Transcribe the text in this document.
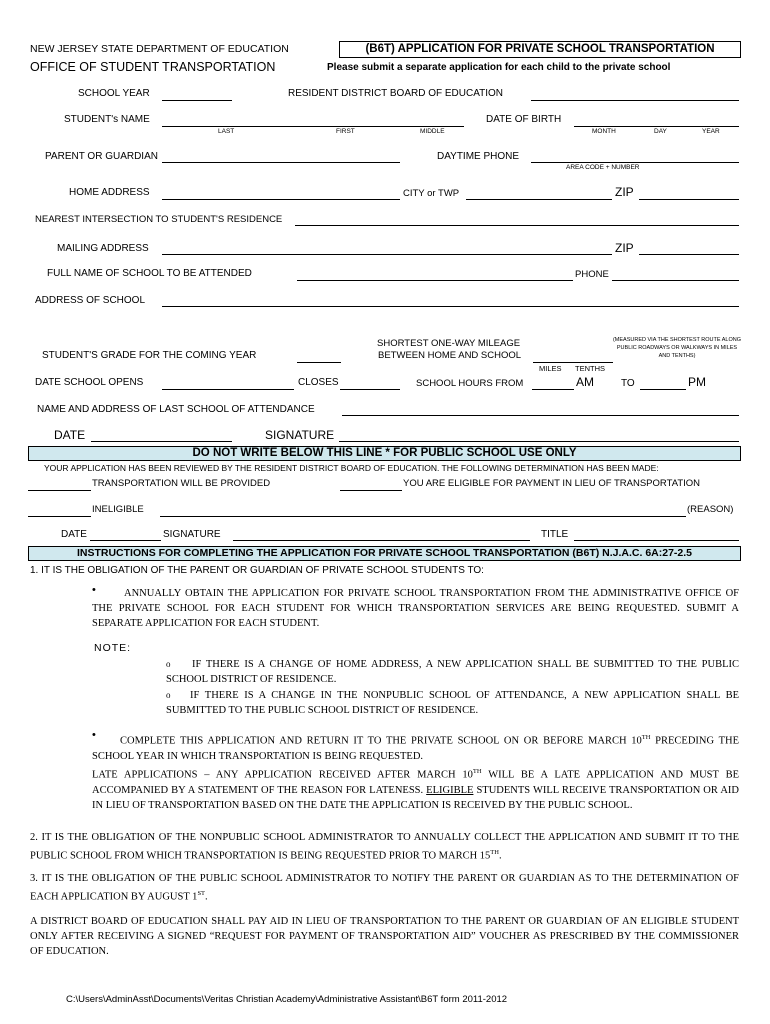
NEW JERSEY STATE DEPARTMENT OF EDUCATION
OFFICE OF STUDENT TRANSPORTATION
(B6T) APPLICATION FOR PRIVATE SCHOOL TRANSPORTATION
Please submit a separate application for each child to the private school
SCHOOL YEAR	RESIDENT DISTRICT BOARD OF EDUCATION
STUDENT's NAME
LAST	FIRST	MIDDLE
DATE OF BIRTH
MONTH	DAY	YEAR
PARENT OR GUARDIAN	DAYTIME PHONE
AREA CODE + NUMBER
HOME ADDRESS	CITY or TWP	ZIP
NEAREST INTERSECTION TO STUDENT'S RESIDENCE
MAILING ADDRESS	ZIP
FULL NAME OF SCHOOL TO BE ATTENDED	PHONE
ADDRESS OF SCHOOL
SHORTEST ONE-WAY MILEAGE
BETWEEN HOME AND SCHOOL
(MEASURED VIA THE SHORTEST ROUTE ALONG PUBLIC ROADWAYS OR WALKWAYS IN MILES AND TENTHS)
STUDENT'S GRADE FOR THE COMING YEAR
MILES TENTHS
DATE SCHOOL OPENS	CLOSES	SCHOOL HOURS FROM	AM	TO	PM
NAME AND ADDRESS OF LAST SCHOOL OF ATTENDANCE
DATE	SIGNATURE
DO NOT WRITE BELOW THIS LINE * FOR PUBLIC SCHOOL USE ONLY
YOUR APPLICATION HAS BEEN REVIEWED BY THE RESIDENT DISTRICT BOARD OF EDUCATION. THE FOLLOWING DETERMINATION HAS BEEN MADE:
TRANSPORTATION WILL BE PROVIDED	YOU ARE ELIGIBLE FOR PAYMENT IN LIEU OF TRANSPORTATION
INELIGIBLE	(REASON)
DATE	SIGNATURE	TITLE
INSTRUCTIONS FOR COMPLETING THE APPLICATION FOR PRIVATE SCHOOL TRANSPORTATION (B6T) N.J.A.C. 6A:27-2.5
1. IT IS THE OBLIGATION OF THE PARENT OR GUARDIAN OF PRIVATE SCHOOL STUDENTS TO:
•	ANNUALLY OBTAIN THE APPLICATION FOR PRIVATE SCHOOL TRANSPORTATION FROM THE ADMINISTRATIVE OFFICE OF THE PRIVATE SCHOOL FOR EACH STUDENT FOR WHICH TRANSPORTATION SERVICES ARE BEING REQUESTED. SUBMIT A SEPARATE APPLICATION FOR EACH STUDENT.
NOTE:
o	IF THERE IS A CHANGE OF HOME ADDRESS, A NEW APPLICATION SHALL BE SUBMITTED TO THE PUBLIC SCHOOL DISTRICT OF RESIDENCE.
o	IF THERE IS A CHANGE IN THE NONPUBLIC SCHOOL OF ATTENDANCE, A NEW APPLICATION SHALL BE SUBMITTED TO THE PUBLIC SCHOOL DISTRICT OF RESIDENCE.
•	COMPLETE THIS APPLICATION AND RETURN IT TO THE PRIVATE SCHOOL ON OR BEFORE MARCH 10TH PRECEDING THE SCHOOL YEAR IN WHICH TRANSPORTATION IS BEING REQUESTED.
LATE APPLICATIONS – ANY APPLICATION RECEIVED AFTER MARCH 10TH WILL BE A LATE APPLICATION AND MUST BE ACCOMPANIED BY A STATEMENT OF THE REASON FOR LATENESS. ELIGIBLE STUDENTS WILL RECEIVE TRANSPORTATION OR AID IN LIEU OF TRANSPORTATION BASED ON THE DATE THE APPLICATION IS RECEIVED BY THE PUBLIC SCHOOL.
2. IT IS THE OBLIGATION OF THE NONPUBLIC SCHOOL ADMINISTRATOR TO ANNUALLY COLLECT THE APPLICATION AND SUBMIT IT TO THE PUBLIC SCHOOL FROM WHICH TRANSPORTATION IS BEING REQUESTED PRIOR TO MARCH 15TH.
3. IT IS THE OBLIGATION OF THE PUBLIC SCHOOL ADMINISTRATOR TO NOTIFY THE PARENT OR GUARDIAN AS TO THE DETERMINATION OF EACH APPLICATION BY AUGUST 1ST.
A DISTRICT BOARD OF EDUCATION SHALL PAY AID IN LIEU OF TRANSPORTATION TO THE PARENT OR GUARDIAN OF AN ELIGIBLE STUDENT ONLY AFTER RECEIVING A SIGNED “REQUEST FOR PAYMENT OF TRANSPORTATION AID” VOUCHER AS PRESCRIBED BY THE COMMISSIONER OF EDUCATION.
C:\Users\AdminAsst\Documents\Veritas Christian Academy\Administrative Assistant\B6T form 2011-2012
